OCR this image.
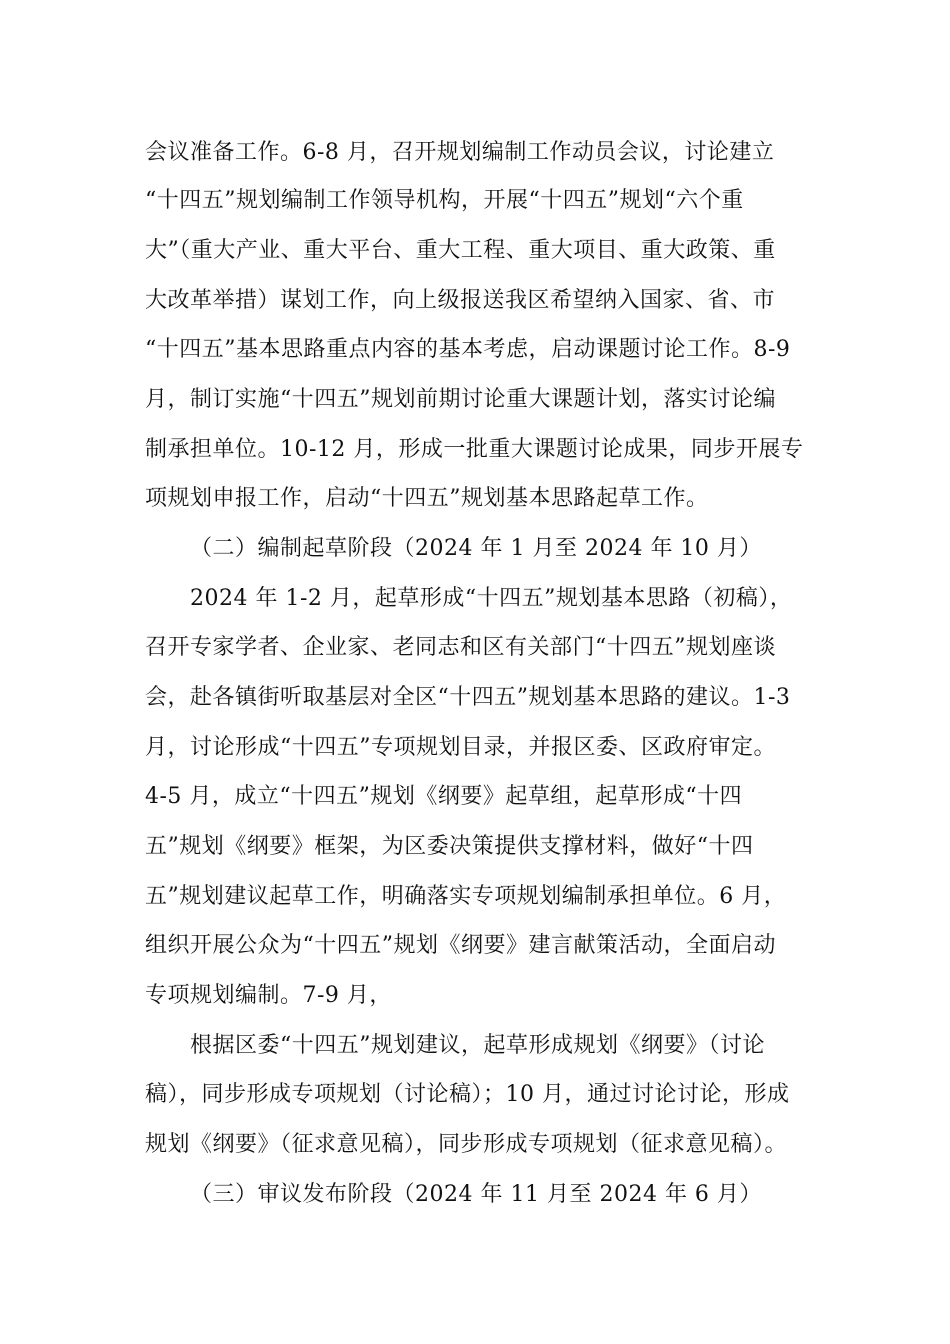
会议准备工作。6-8 月，召开规划编制工作动员会议，讨论建立
“十四五”规划编制工作领导机构，开展“十四五”规划“六个重
大”（重大产业、重大平台、重大工程、重大项目、重大政策、重
大改革举措）谋划工作，向上级报送我区希望纳入国家、省、市
“十四五”基本思路重点内容的基本考虑，启动课题讨论工作。8-9
月，制订实施“十四五”规划前期讨论重大课题计划，落实讨论编
制承担单位。10-12 月，形成一批重大课题讨论成果，同步开展专
项规划申报工作，启动“十四五”规划基本思路起草工作。
（二）编制起草阶段（2024 年 1 月至 2024 年 10 月）
2024 年 1-2 月，起草形成“十四五”规划基本思路（初稿），
召开专家学者、企业家、老同志和区有关部门“十四五”规划座谈
会，赴各镇街听取基层对全区“十四五”规划基本思路的建议。1-3
月，讨论形成“十四五”专项规划目录，并报区委、区政府审定。
4-5 月，成立“十四五”规划《纲要》起草组，起草形成“十四
五”规划《纲要》框架，为区委决策提供支撑材料，做好“十四
五”规划建议起草工作，明确落实专项规划编制承担单位。6 月，
组织开展公众为“十四五”规划《纲要》建言献策活动，全面启动
专项规划编制。7-9 月，
根据区委“十四五”规划建议，起草形成规划《纲要》（讨论
稿），同步形成专项规划（讨论稿）；10 月，通过讨论讨论，形成
规划《纲要》（征求意见稿），同步形成专项规划（征求意见稿）。
（三）审议发布阶段（2024 年 11 月至 2024 年 6 月）
